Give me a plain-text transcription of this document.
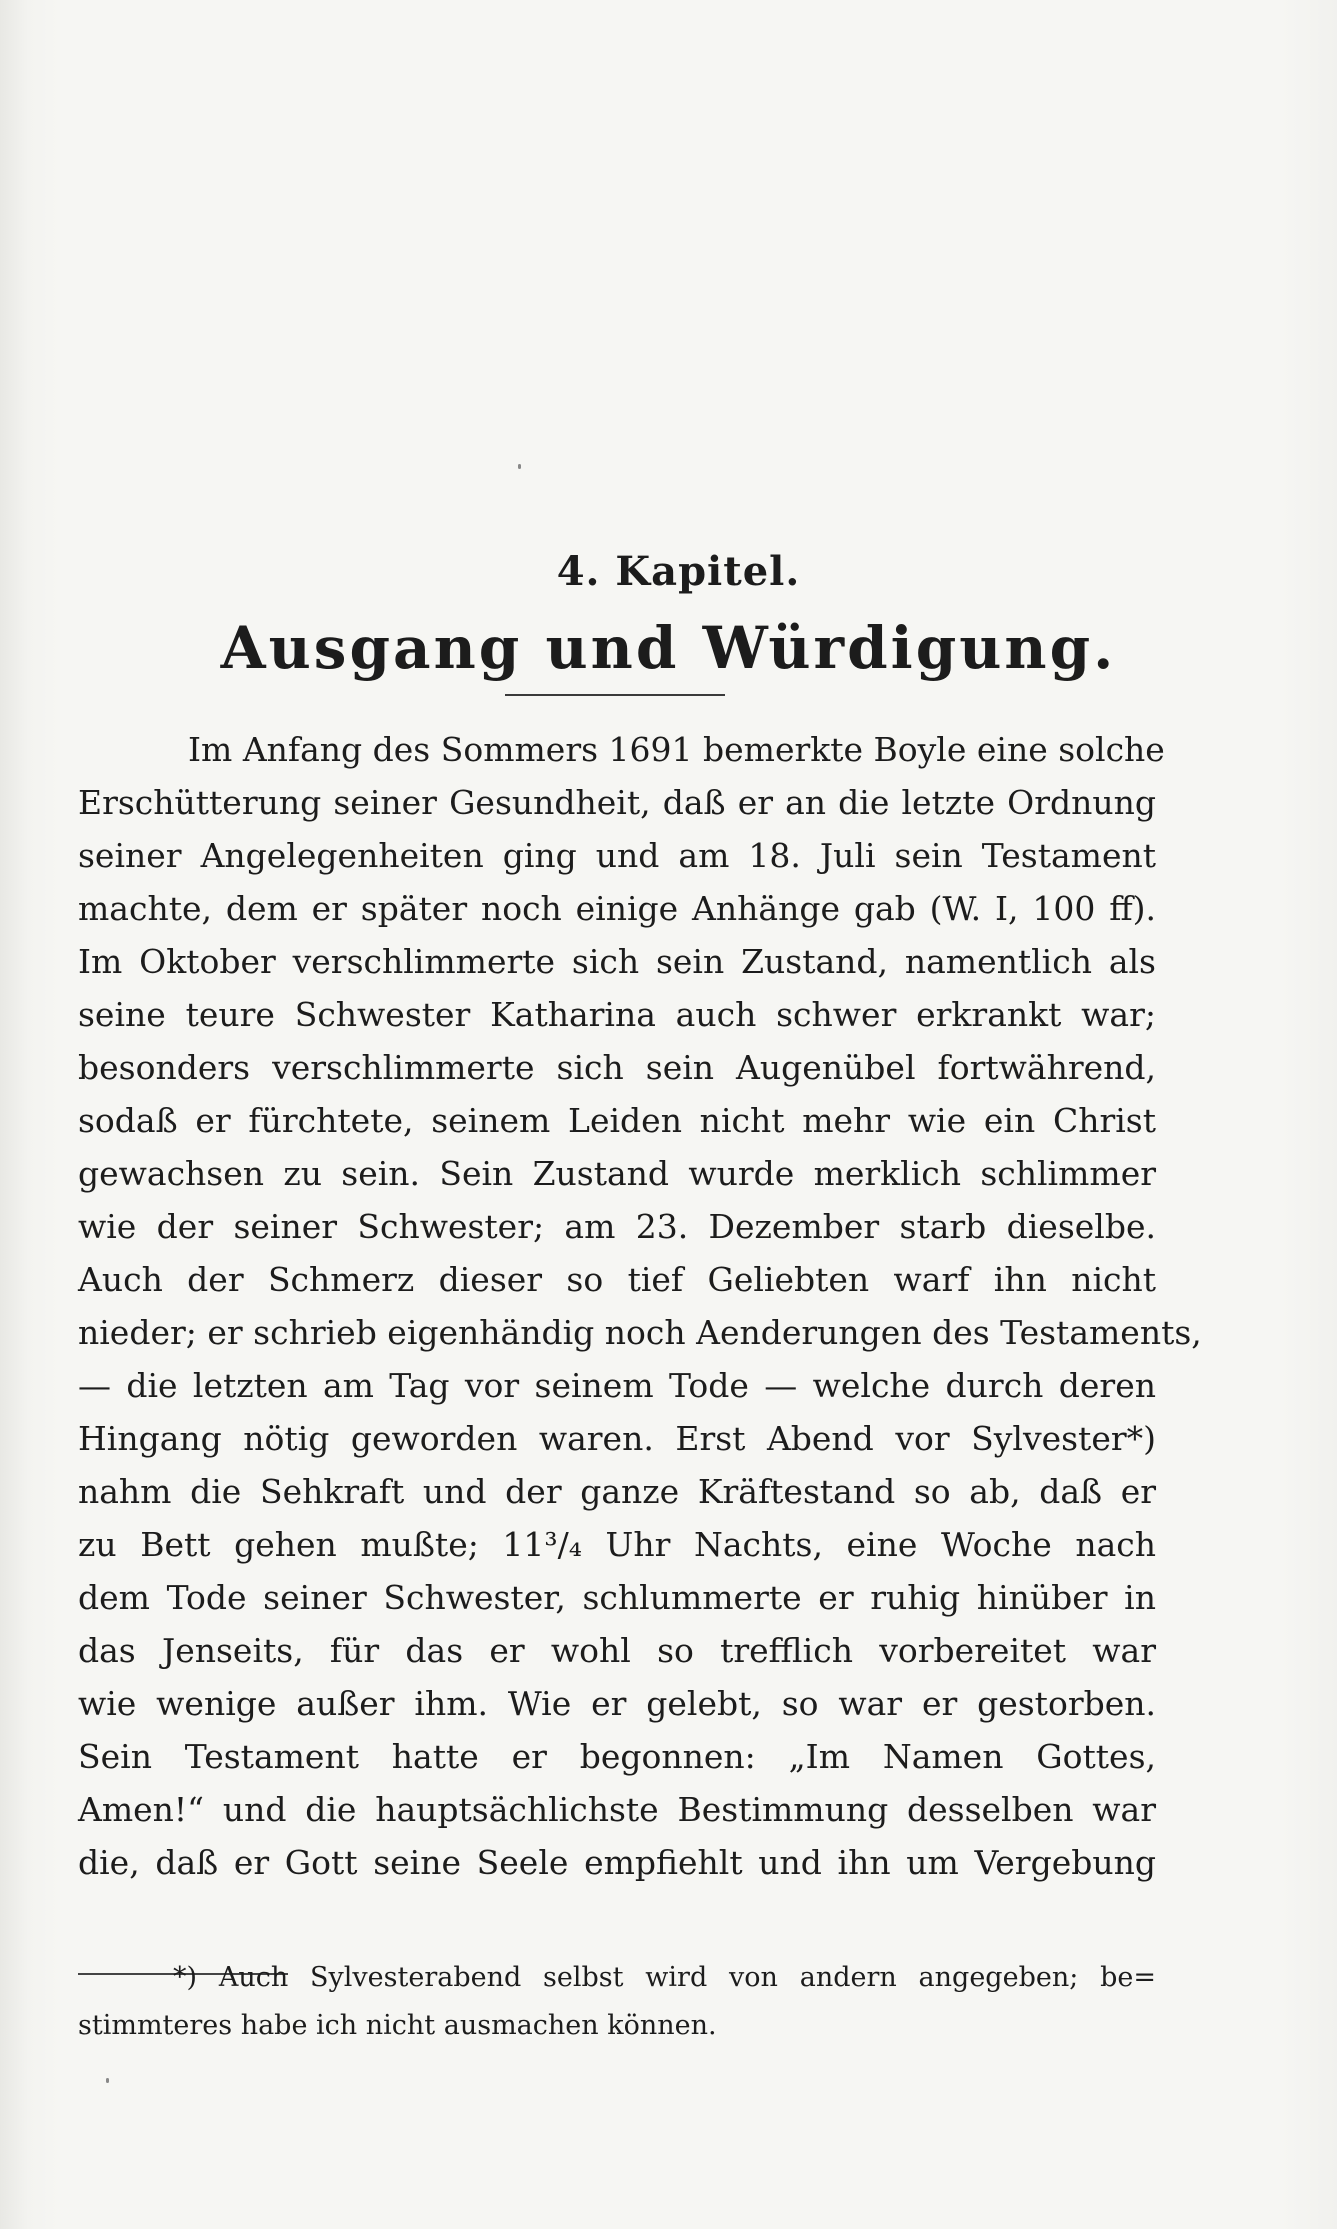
4. Kapitel.
Ausgang und Würdigung.
Im Anfang des Sommers 1691 bemerkte Boyle eine solche
Erschütterung seiner Gesundheit, daß er an die letzte Ordnung
seiner Angelegenheiten ging und am 18. Juli sein Testament
machte, dem er später noch einige Anhänge gab (W. I, 100 ff).
Im Oktober verschlimmerte sich sein Zustand, namentlich als
seine teure Schwester Katharina auch schwer erkrankt war;
besonders verschlimmerte sich sein Augenübel fortwährend,
sodaß er fürchtete, seinem Leiden nicht mehr wie ein Christ
gewachsen zu sein. Sein Zustand wurde merklich schlimmer
wie der seiner Schwester; am 23. Dezember starb dieselbe.
Auch der Schmerz dieser so tief Geliebten warf ihn nicht
nieder; er schrieb eigenhändig noch Aenderungen des Testaments,
— die letzten am Tag vor seinem Tode — welche durch deren
Hingang nötig geworden waren. Erst Abend vor Sylvester*)
nahm die Sehkraft und der ganze Kräftestand so ab, daß er
zu Bett gehen mußte; 11³/₄ Uhr Nachts, eine Woche nach
dem Tode seiner Schwester, schlummerte er ruhig hinüber in
das Jenseits, für das er wohl so trefflich vorbereitet war
wie wenige außer ihm. Wie er gelebt, so war er gestorben.
Sein Testament hatte er begonnen: „Im Namen Gottes,
Amen!“ und die hauptsächlichste Bestimmung desselben war
die, daß er Gott seine Seele empfiehlt und ihn um Vergebung
*) Auch Sylvesterabend selbst wird von andern angegeben; be=
stimmteres habe ich nicht ausmachen können.
